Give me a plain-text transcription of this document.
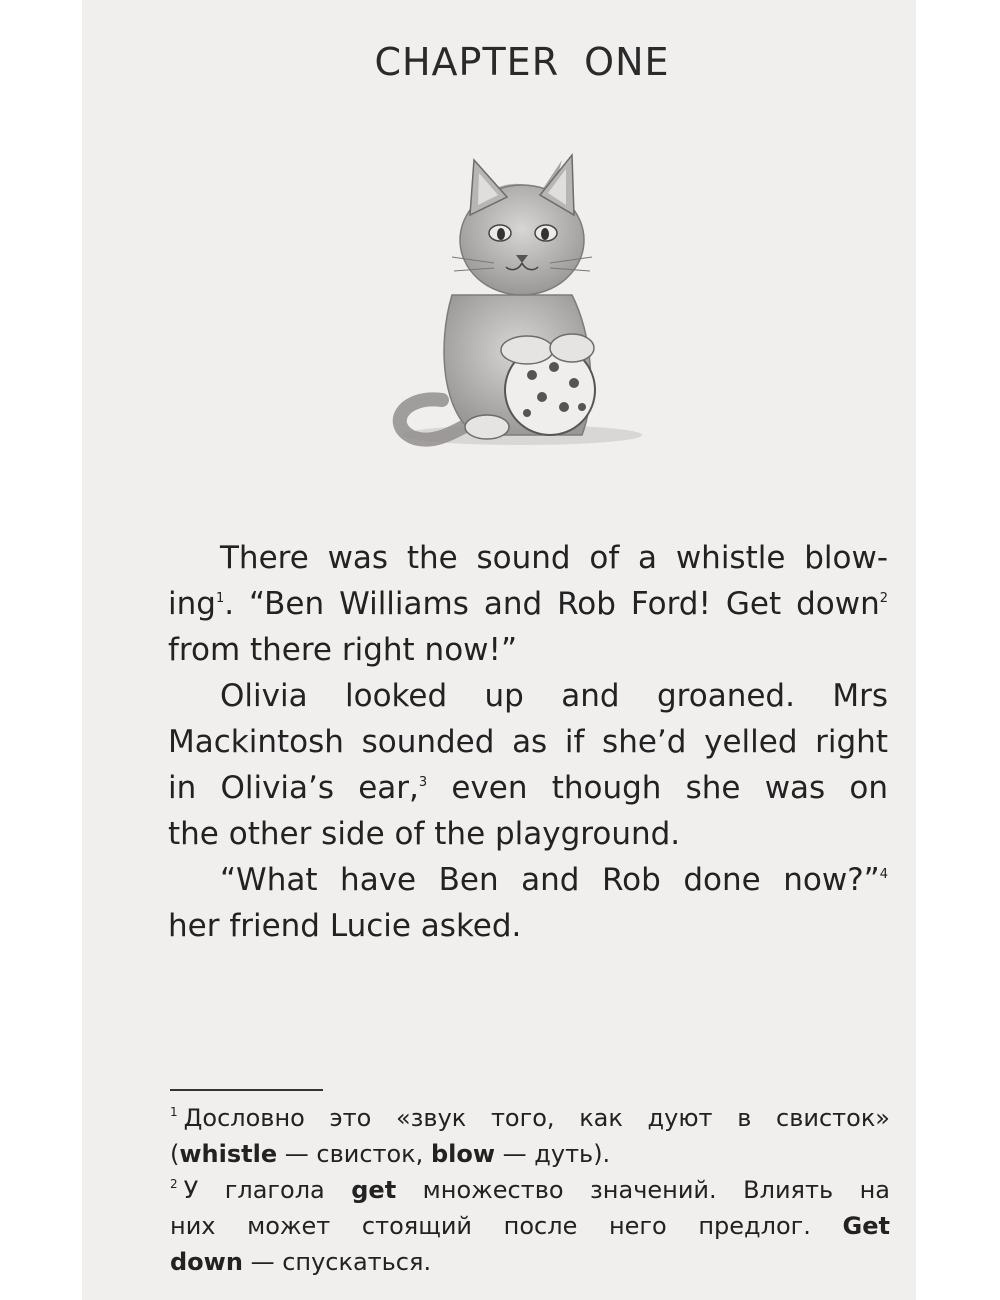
CHAPTER ONE
There was the sound of a whistle blow-
ing$^1$. “Ben Williams and Rob Ford! Get down$^2$
from there right now!”
Olivia looked up and groaned. Mrs
Mackintosh sounded as if she’d yelled right
in Olivia’s ear,$^3$ even though she was on
the other side of the playground.
“What have Ben and Rob done now?”$^4$
her friend Lucie asked.
$^1$ Дословно это «звук того, как дуют в свисток»
(whistle — свисток, blow — дуть).
$^2$ У глагола get множество значений. Влиять на
них может стоящий после него предлог. Get
down — спускаться.
